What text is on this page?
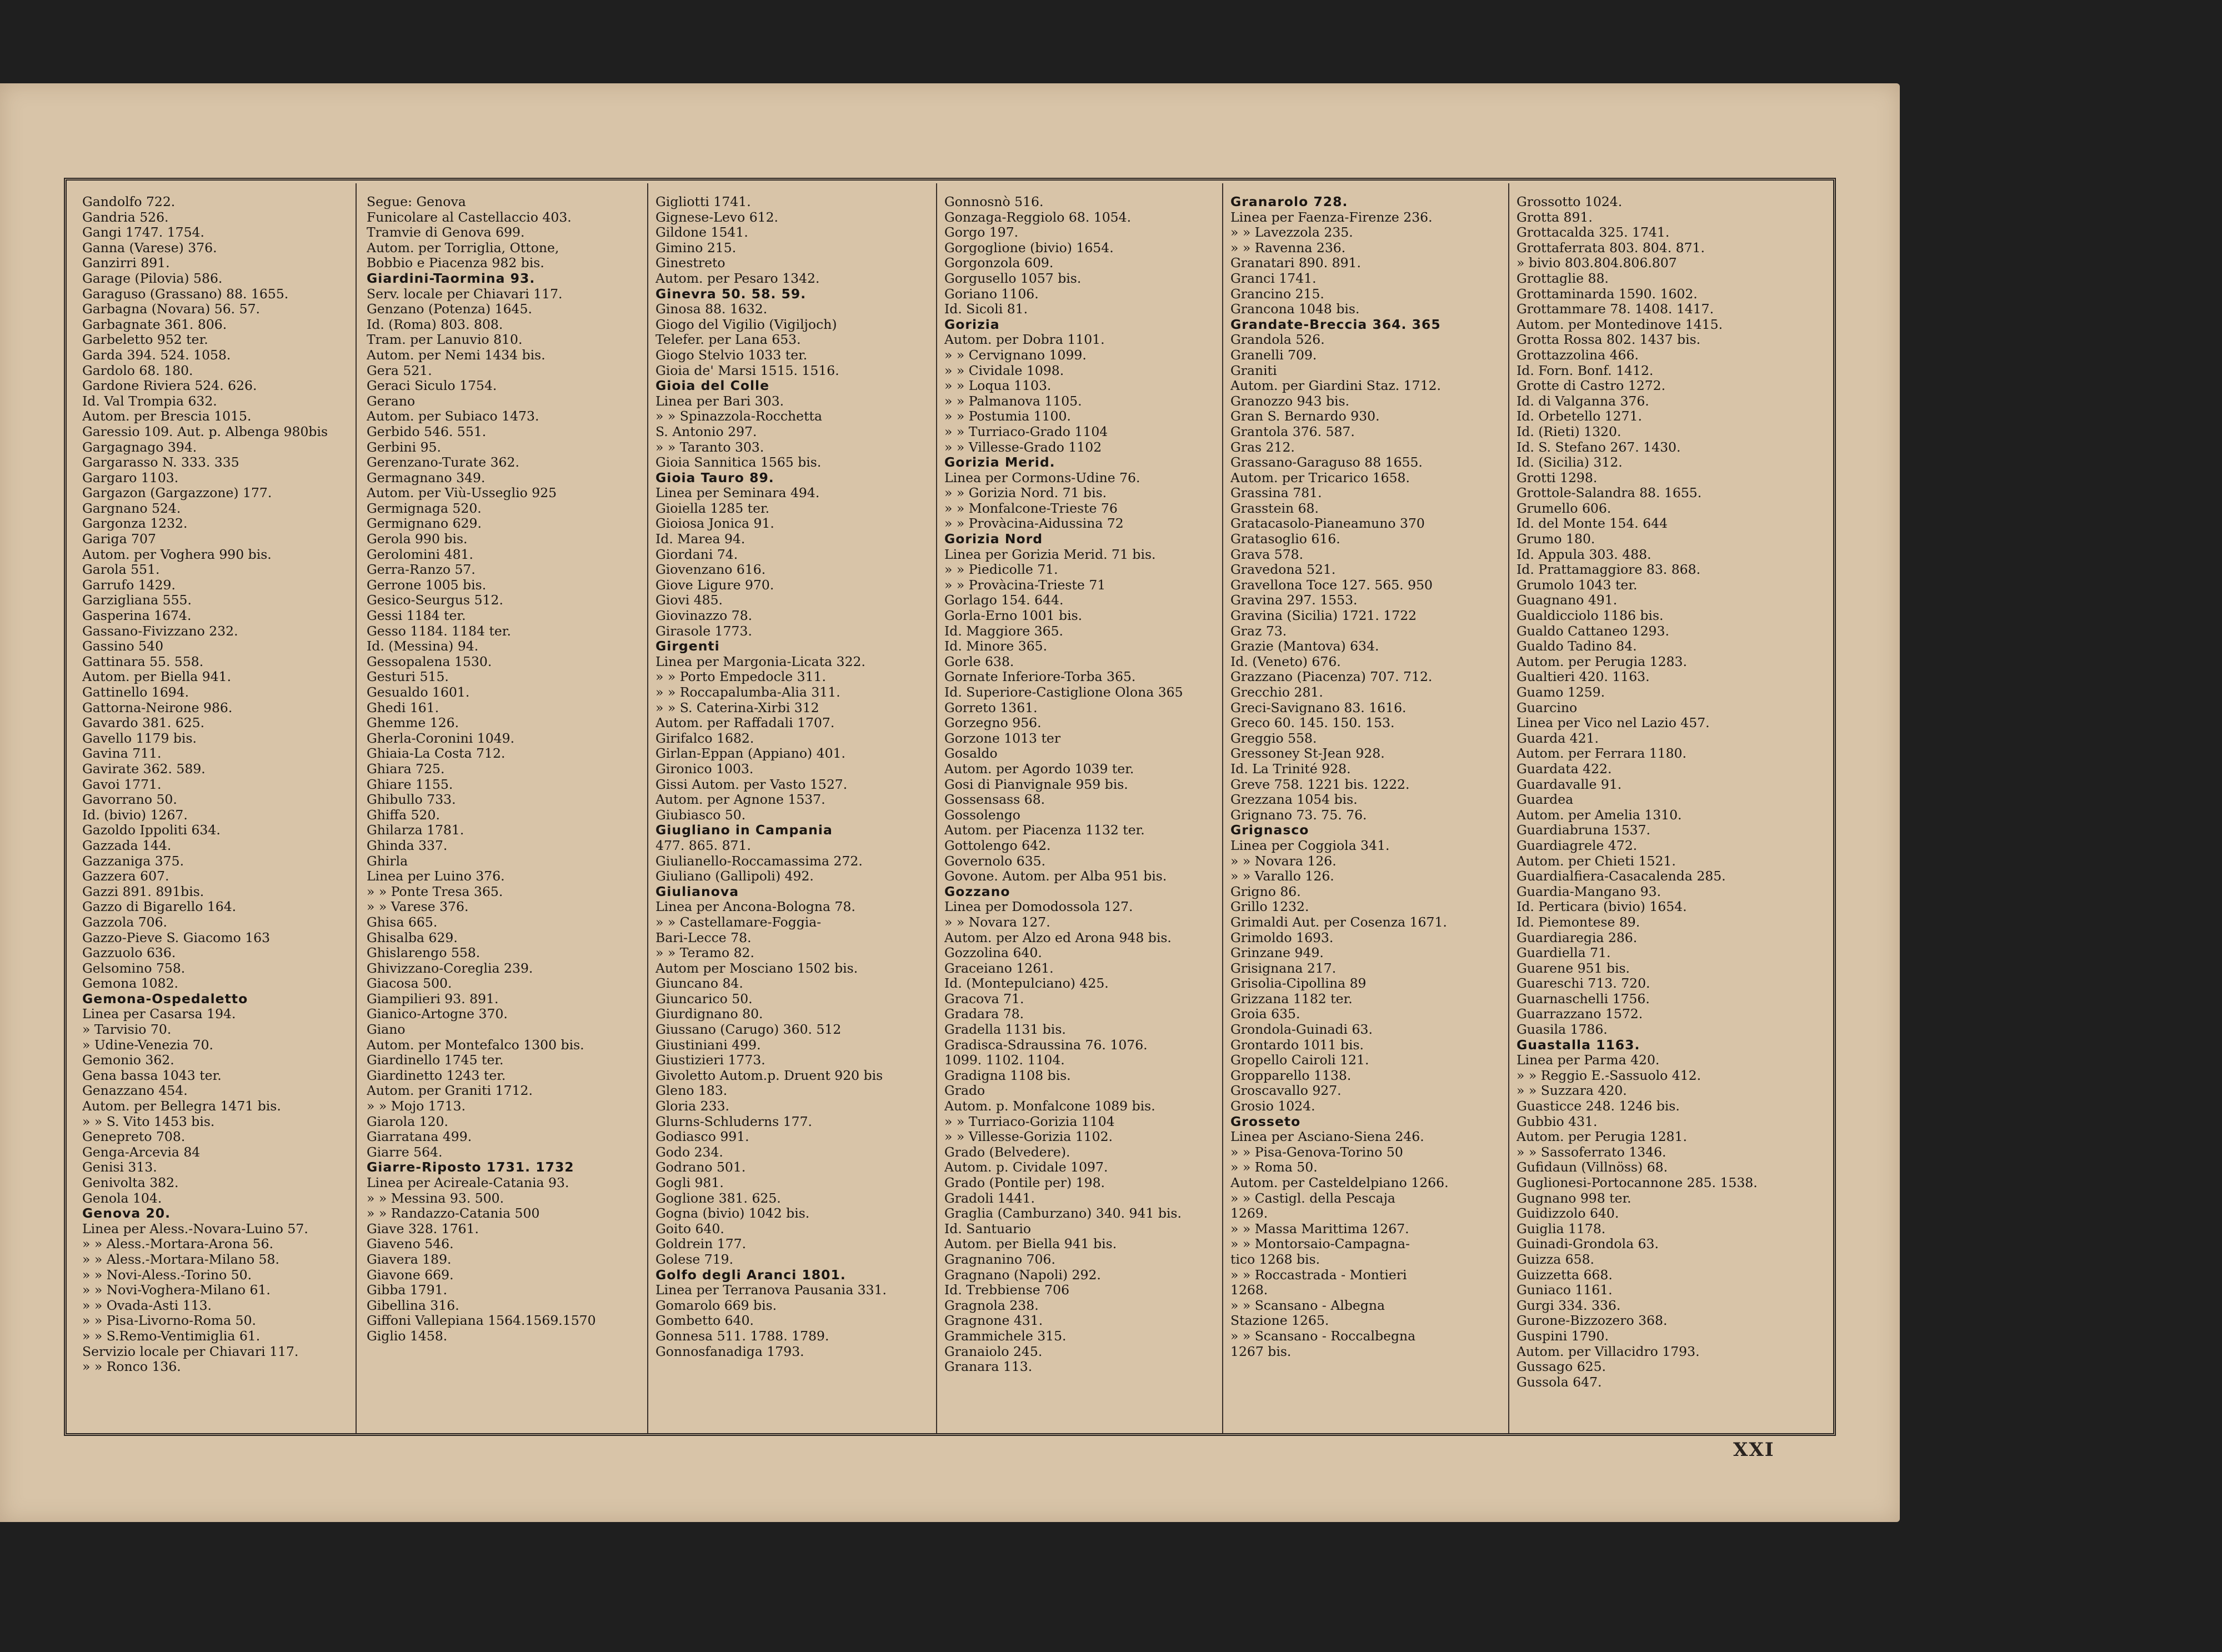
Gandolfo 722.
Gandria 526.
Gangi 1747. 1754.
Ganna (Varese) 376.
Ganzirri 891.
Garage (Pilovia) 586.
Garaguso (Grassano) 88. 1655.
Garbagna (Novara) 56. 57.
Garbagnate 361. 806.
Garbeletto 952 ter.
Garda 394. 524. 1058.
Gardolo 68. 180.
Gardone Riviera 524. 626.
Id. Val Trompia 632.
Autom. per Brescia 1015.
Garessio 109. Aut. p. Albenga 980bis
Gargagnago 394.
Gargarasso N. 333. 335
Gargaro 1103.
Gargazon (Gargazzone) 177.
Gargnano 524.
Gargonza 1232.
Gariga 707
Autom. per Voghera 990 bis.
Garola 551.
Garrufo 1429.
Garzigliana 555.
Gasperina 1674.
Gassano-Fivizzano 232.
Gassino 540
Gattinara 55. 558.
Autom. per Biella 941.
Gattinello 1694.
Gattorna-Neirone 986.
Gavardo 381. 625.
Gavello 1179 bis.
Gavina 711.
Gavirate 362. 589.
Gavoi 1771.
Gavorrano 50.
Id. (bivio) 1267.
Gazoldo Ippoliti 634.
Gazzada 144.
Gazzaniga 375.
Gazzera 607.
Gazzi 891. 891bis.
Gazzo di Bigarello 164.
Gazzola 706.
Gazzo-Pieve S. Giacomo 163
Gazzuolo 636.
Gelsomino 758.
Gemona 1082.
Gemona-Ospedaletto
Linea per Casarsa 194.
» Tarvisio 70.
» Udine-Venezia 70.
Gemonio 362.
Gena bassa 1043 ter.
Genazzano 454.
Autom. per Bellegra 1471 bis.
» » S. Vito 1453 bis.
Genepreto 708.
Genga-Arcevia 84
Genisi 313.
Genivolta 382.
Genola 104.
Genova 20.
Linea per Aless.-Novara-Luino 57.
» » Aless.-Mortara-Arona 56.
» » Aless.-Mortara-Milano 58.
» » Novi-Aless.-Torino 50.
» » Novi-Voghera-Milano 61.
» » Ovada-Asti 113.
» » Pisa-Livorno-Roma 50.
» » S.Remo-Ventimiglia 61.
Servizio locale per Chiavari 117.
» » Ronco 136.
Segue: Genova
Funicolare al Castellaccio 403.
Tramvie di Genova 699.
Autom. per Torriglia, Ottone,
Bobbio e Piacenza 982 bis.
Giardini-Taormina 93.
Serv. locale per Chiavari 117.
Genzano (Potenza) 1645.
Id. (Roma) 803. 808.
Tram. per Lanuvio 810.
Autom. per Nemi 1434 bis.
Gera 521.
Geraci Siculo 1754.
Gerano
Autom. per Subiaco 1473.
Gerbido 546. 551.
Gerbini 95.
Gerenzano-Turate 362.
Germagnano 349.
Autom. per Viù-Usseglio 925
Germignaga 520.
Germignano 629.
Gerola 990 bis.
Gerolomini 481.
Gerra-Ranzo 57.
Gerrone 1005 bis.
Gesico-Seurgus 512.
Gessi 1184 ter.
Gesso 1184. 1184 ter.
Id. (Messina) 94.
Gessopalena 1530.
Gesturi 515.
Gesualdo 1601.
Ghedi 161.
Ghemme 126.
Gherla-Coronini 1049.
Ghiaia-La Costa 712.
Ghiara 725.
Ghiare 1155.
Ghibullo 733.
Ghiffa 520.
Ghilarza 1781.
Ghinda 337.
Ghirla
Linea per Luino 376.
» » Ponte Tresa 365.
» » Varese 376.
Ghisa 665.
Ghisalba 629.
Ghislarengo 558.
Ghivizzano-Coreglia 239.
Giacosa 500.
Giampilieri 93. 891.
Gianico-Artogne 370.
Giano
Autom. per Montefalco 1300 bis.
Giardinello 1745 ter.
Giardinetto 1243 ter.
Autom. per Graniti 1712.
» » Mojo 1713.
Giarola 120.
Giarratana 499.
Giarre 564.
Giarre-Riposto 1731. 1732
Linea per Acireale-Catania 93.
» » Messina 93. 500.
» » Randazzo-Catania 500
Giave 328. 1761.
Giaveno 546.
Giavera 189.
Giavone 669.
Gibba 1791.
Gibellina 316.
Giffoni Vallepiana 1564.1569.1570
Giglio 1458.
Gigliotti 1741.
Gignese-Levo 612.
Gildone 1541.
Gimino 215.
Ginestreto
Autom. per Pesaro 1342.
Ginevra 50. 58. 59.
Ginosa 88. 1632.
Giogo del Vigilio (Vigiljoch)
Telefer. per Lana 653.
Giogo Stelvio 1033 ter.
Gioia de' Marsi 1515. 1516.
Gioia del Colle
Linea per Bari 303.
» » Spinazzola-Rocchetta
S. Antonio 297.
» » Taranto 303.
Gioia Sannitica 1565 bis.
Gioia Tauro 89.
Linea per Seminara 494.
Gioiella 1285 ter.
Gioiosa Jonica 91.
Id. Marea 94.
Giordani 74.
Giovenzano 616.
Giove Ligure 970.
Giovi 485.
Giovinazzo 78.
Girasole 1773.
Girgenti
Linea per Margonia-Licata 322.
» » Porto Empedocle 311.
» » Roccapalumba-Alia 311.
» » S. Caterina-Xirbi 312
Autom. per Raffadali 1707.
Girifalco 1682.
Girlan-Eppan (Appiano) 401.
Gironico 1003.
Gissi Autom. per Vasto 1527.
Autom. per Agnone 1537.
Giubiasco 50.
Giugliano in Campania
477. 865. 871.
Giulianello-Roccamassima 272.
Giuliano (Gallipoli) 492.
Giulianova
Linea per Ancona-Bologna 78.
» » Castellamare-Foggia-
Bari-Lecce 78.
» » Teramo 82.
Autom per Mosciano 1502 bis.
Giuncano 84.
Giuncarico 50.
Giurdignano 80.
Giussano (Carugo) 360. 512
Giustiniani 499.
Giustizieri 1773.
Givoletto Autom.p. Druent 920 bis
Gleno 183.
Gloria 233.
Glurns-Schluderns 177.
Godiasco 991.
Godo 234.
Godrano 501.
Gogli 981.
Goglione 381. 625.
Gogna (bivio) 1042 bis.
Goito 640.
Goldrein 177.
Golese 719.
Golfo degli Aranci 1801.
Linea per Terranova Pausania 331.
Gomarolo 669 bis.
Gombetto 640.
Gonnesa 511. 1788. 1789.
Gonnosfanadiga 1793.
Gonnosnò 516.
Gonzaga-Reggiolo 68. 1054.
Gorgo 197.
Gorgoglione (bivio) 1654.
Gorgonzola 609.
Gorgusello 1057 bis.
Goriano 1106.
Id. Sicoli 81.
Gorizia
Autom. per Dobra 1101.
» » Cervignano 1099.
» » Cividale 1098.
» » Loqua 1103.
» » Palmanova 1105.
» » Postumia 1100.
» » Turriaco-Grado 1104
» » Villesse-Grado 1102
Gorizia Merid.
Linea per Cormons-Udine 76.
» » Gorizia Nord. 71 bis.
» » Monfalcone-Trieste 76
» » Provàcina-Aidussina 72
Gorizia Nord
Linea per Gorizia Merid. 71 bis.
» » Piedicolle 71.
» » Provàcina-Trieste 71
Gorlago 154. 644.
Gorla-Erno 1001 bis.
Id. Maggiore 365.
Id. Minore 365.
Gorle 638.
Gornate Inferiore-Torba 365.
Id. Superiore-Castiglione Olona 365
Gorreto 1361.
Gorzegno 956.
Gorzone 1013 ter
Gosaldo
Autom. per Agordo 1039 ter.
Gosi di Pianvignale 959 bis.
Gossensass 68.
Gossolengo
Autom. per Piacenza 1132 ter.
Gottolengo 642.
Governolo 635.
Govone. Autom. per Alba 951 bis.
Gozzano
Linea per Domodossola 127.
» » Novara 127.
Autom. per Alzo ed Arona 948 bis.
Gozzolina 640.
Graceiano 1261.
Id. (Montepulciano) 425.
Gracova 71.
Gradara 78.
Gradella 1131 bis.
Gradisca-Sdraussina 76. 1076.
1099. 1102. 1104.
Gradigna 1108 bis.
Grado
Autom. p. Monfalcone 1089 bis.
» » Turriaco-Gorizia 1104
» » Villesse-Gorizia 1102.
Grado (Belvedere).
Autom. p. Cividale 1097.
Grado (Pontile per) 198.
Gradoli 1441.
Graglia (Camburzano) 340. 941 bis.
Id. Santuario
Autom. per Biella 941 bis.
Gragnanino 706.
Gragnano (Napoli) 292.
Id. Trebbiense 706
Gragnola 238.
Gragnone 431.
Grammichele 315.
Granaiolo 245.
Granara 113.
Granarolo 728.
Linea per Faenza-Firenze 236.
» » Lavezzola 235.
» » Ravenna 236.
Granatari 890. 891.
Granci 1741.
Grancino 215.
Grancona 1048 bis.
Grandate-Breccia 364. 365
Grandola 526.
Granelli 709.
Graniti
Autom. per Giardini Staz. 1712.
Granozzo 943 bis.
Gran S. Bernardo 930.
Grantola 376. 587.
Gras 212.
Grassano-Garaguso 88 1655.
Autom. per Tricarico 1658.
Grassina 781.
Grasstein 68.
Gratacasolo-Pianeamuno 370
Gratasoglio 616.
Grava 578.
Gravedona 521.
Gravellona Toce 127. 565. 950
Gravina 297. 1553.
Gravina (Sicilia) 1721. 1722
Graz 73.
Grazie (Mantova) 634.
Id. (Veneto) 676.
Grazzano (Piacenza) 707. 712.
Grecchio 281.
Greci-Savignano 83. 1616.
Greco 60. 145. 150. 153.
Greggio 558.
Gressoney St-Jean 928.
Id. La Trinité 928.
Greve 758. 1221 bis. 1222.
Grezzana 1054 bis.
Grignano 73. 75. 76.
Grignasco
Linea per Coggiola 341.
» » Novara 126.
» » Varallo 126.
Grigno 86.
Grillo 1232.
Grimaldi Aut. per Cosenza 1671.
Grimoldo 1693.
Grinzane 949.
Grisignana 217.
Grisolia-Cipollina 89
Grizzana 1182 ter.
Groia 635.
Grondola-Guinadi 63.
Grontardo 1011 bis.
Gropello Cairoli 121.
Gropparello 1138.
Groscavallo 927.
Grosio 1024.
Grosseto
Linea per Asciano-Siena 246.
» » Pisa-Genova-Torino 50
» » Roma 50.
Autom. per Casteldelpiano 1266.
» » Castigl. della Pescaja
1269.
» » Massa Marittima 1267.
» » Montorsaio-Campagna-
tico 1268 bis.
» » Roccastrada - Montieri
1268.
» » Scansano - Albegna
Stazione 1265.
» » Scansano - Roccalbegna
1267 bis.
Grossotto 1024.
Grotta 891.
Grottacalda 325. 1741.
Grottaferrata 803. 804. 871.
» bivio 803.804.806.807
Grottaglie 88.
Grottaminarda 1590. 1602.
Grottammare 78. 1408. 1417.
Autom. per Montedinove 1415.
Grotta Rossa 802. 1437 bis.
Grottazzolina 466.
Id. Forn. Bonf. 1412.
Grotte di Castro 1272.
Id. di Valganna 376.
Id. Orbetello 1271.
Id. (Rieti) 1320.
Id. S. Stefano 267. 1430.
Id. (Sicilia) 312.
Grotti 1298.
Grottole-Salandra 88. 1655.
Grumello 606.
Id. del Monte 154. 644
Grumo 180.
Id. Appula 303. 488.
Id. Prattamaggiore 83. 868.
Grumolo 1043 ter.
Guagnano 491.
Gualdicciolo 1186 bis.
Gualdo Cattaneo 1293.
Gualdo Tadino 84.
Autom. per Perugia 1283.
Gualtieri 420. 1163.
Guamo 1259.
Guarcino
Linea per Vico nel Lazio 457.
Guarda 421.
Autom. per Ferrara 1180.
Guardata 422.
Guardavalle 91.
Guardea
Autom. per Amelia 1310.
Guardiabruna 1537.
Guardiagrele 472.
Autom. per Chieti 1521.
Guardialfiera-Casacalenda 285.
Guardia-Mangano 93.
Id. Perticara (bivio) 1654.
Id. Piemontese 89.
Guardiaregia 286.
Guardiella 71.
Guarene 951 bis.
Guareschi 713. 720.
Guarnaschelli 1756.
Guarrazzano 1572.
Guasila 1786.
Guastalla 1163.
Linea per Parma 420.
» » Reggio E.-Sassuolo 412.
» » Suzzara 420.
Guasticce 248. 1246 bis.
Gubbio 431.
Autom. per Perugia 1281.
» » Sassoferrato 1346.
Gufidaun (Villnöss) 68.
Guglionesi-Portocannone 285. 1538.
Gugnano 998 ter.
Guidizzolo 640.
Guiglia 1178.
Guinadi-Grondola 63.
Guizza 658.
Guizzetta 668.
Guniaco 1161.
Gurgi 334. 336.
Gurone-Bizzozero 368.
Guspini 1790.
Autom. per Villacidro 1793.
Gussago 625.
Gussola 647.
XXI
